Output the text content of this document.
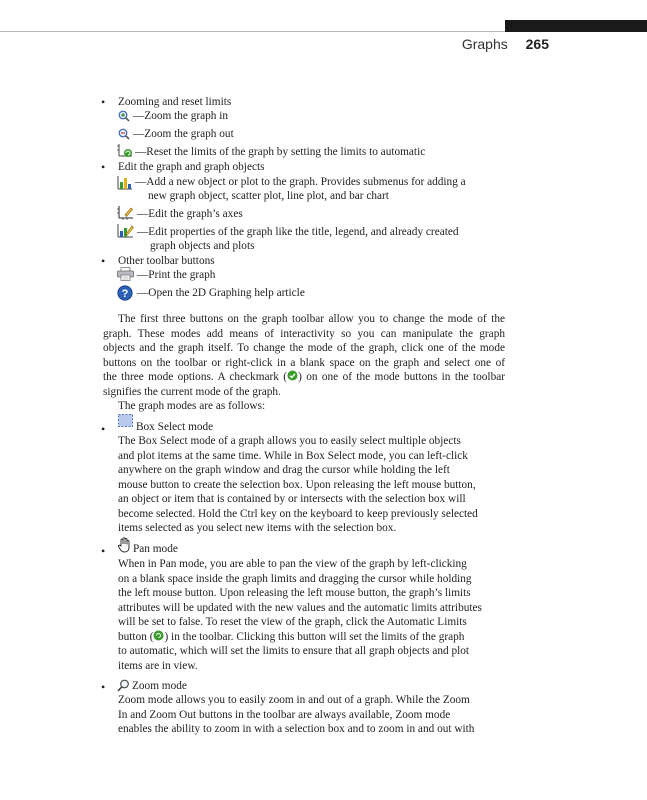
Graphs 265
• Zooming and reset limits
—Zoom the graph in
—Zoom the graph out
—Reset the limits of the graph by setting the limits to automatic
• Edit the graph and graph objects
—Add a new object or plot to the graph. Provides submenus for adding a
new graph object, scatter plot, line plot, and bar chart
—Edit the graph’s axes
—Edit properties of the graph like the title, legend, and already created
graph objects and plots
• Other toolbar buttons
—Print the graph
? —Open the 2D Graphing help article
The first three buttons on the graph toolbar allow you to change the mode of the
graph. These modes add means of interactivity so you can manipulate the graph
objects and the graph itself. To change the mode of the graph, click one of the mode
buttons on the toolbar or right-click in a blank space on the graph and select one of
the three mode options. A checkmark ( ) on one of the mode buttons in the toolbar
signifies the current mode of the graph.
The graph modes are as follows:
•	Box Select mode
The Box Select mode of a graph allows you to easily select multiple objects
and plot items at the same time. While in Box Select mode, you can left-click
anywhere on the graph window and drag the cursor while holding the left
mouse button to create the selection box. Upon releasing the left mouse button,
an object or item that is contained by or intersects with the selection box will
become selected. Hold the Ctrl key on the keyboard to keep previously selected
items selected as you select new items with the selection box.
• Pan mode
When in Pan mode, you are able to pan the view of the graph by left-clicking
on a blank space inside the graph limits and dragging the cursor while holding
the left mouse button. Upon releasing the left mouse button, the graph’s limits
attributes will be updated with the new values and the automatic limits attributes
will be set to false. To reset the view of the graph, click the Automatic Limits
button ( ) in the toolbar. Clicking this button will set the limits of the graph
to automatic, which will set the limits to ensure that all graph objects and plot
items are in view.
• Zoom mode
Zoom mode allows you to easily zoom in and out of a graph. While the Zoom
In and Zoom Out buttons in the toolbar are always available, Zoom mode
enables the ability to zoom in with a selection box and to zoom in and out with
